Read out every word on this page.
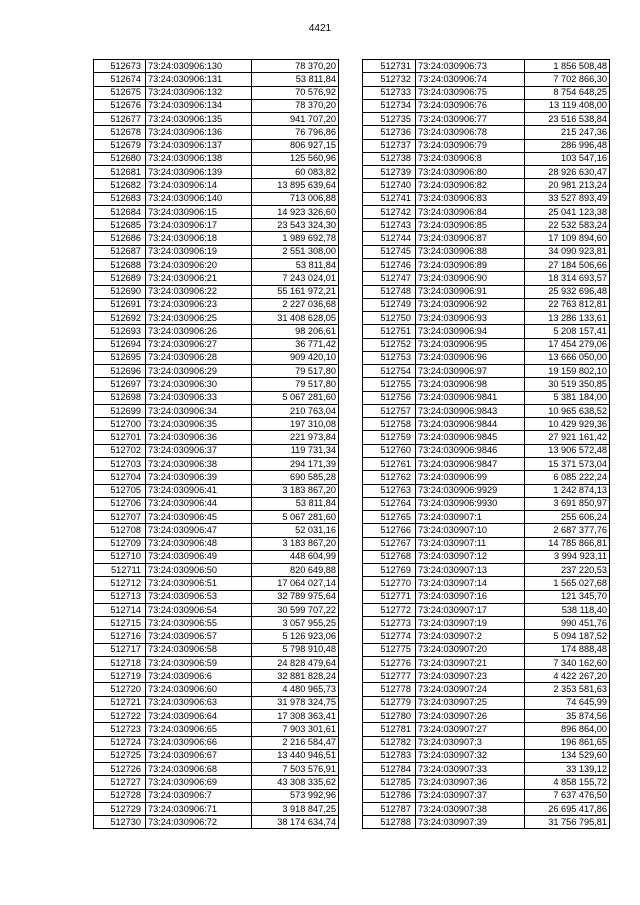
4421
512673	73:24:030906:130	78 370,20
512674	73:24:030906:131	53 811,84
512675	73:24:030906:132	70 576,92
512676	73:24:030906:134	78 370,20
512677	73:24:030906:135	941 707,20
512678	73:24:030906:136	76 796,86
512679	73:24:030906:137	806 927,15
512680	73:24:030906:138	125 560,96
512681	73:24:030906:139	60 083,82
512682	73:24:030906:14	13 895 639,64
512683	73:24:030906:140	713 006,88
512684	73:24:030906:15	14 923 326,60
512685	73:24:030906:17	23 543 324,30
512686	73:24:030906:18	1 989 692,78
512687	73:24:030906:19	2 551 308,00
512688	73:24:030906:20	53 811,84
512689	73:24:030906:21	7 243 024,01
512690	73:24:030906:22	55 161 972,21
512691	73:24:030906:23	2 227 036,68
512692	73:24:030906:25	31 408 628,05
512693	73:24:030906:26	98 206,61
512694	73:24:030906:27	36 771,42
512695	73:24:030906:28	909 420,10
512696	73:24:030906:29	79 517,80
512697	73:24:030906:30	79 517,80
512698	73:24:030906:33	5 067 281,60
512699	73:24:030906:34	210 763,04
512700	73:24:030906:35	197 310,08
512701	73:24:030906:36	221 973,84
512702	73:24:030906:37	119 731,34
512703	73:24:030906:38	294 171,39
512704	73:24:030906:39	690 585,28
512705	73:24:030906:41	3 183 867,20
512706	73:24:030906:44	53 811,84
512707	73:24:030906:45	5 067 281,60
512708	73:24:030906:47	52 031,16
512709	73:24:030906:48	3 183 867,20
512710	73:24:030906:49	448 604,99
512711	73:24:030906:50	820 649,88
512712	73:24:030906:51	17 064 027,14
512713	73:24:030906:53	32 789 975,64
512714	73:24:030906:54	30 599 707,22
512715	73:24:030906:55	3 057 955,25
512716	73:24:030906:57	5 126 923,06
512717	73:24:030906:58	5 798 910,48
512718	73:24:030906:59	24 828 479,64
512719	73:24:030906:6	32 881 828,24
512720	73:24:030906:60	4 480 965,73
512721	73:24:030906:63	31 978 324,75
512722	73:24:030906:64	17 308 363,41
512723	73:24:030906:65	7 903 301,61
512724	73:24:030906:66	2 216 584,47
512725	73:24:030906:67	13 440 946,51
512726	73:24:030906:68	7 503 576,91
512727	73:24:030906:69	43 308 335,62
512728	73:24:030906:7	573 992,96
512729	73:24:030906:71	3 918 847,25
512730	73:24:030906:72	38 174 634,74
512731	73:24:030906:73	1 856 508,48
512732	73:24:030906:74	7 702 866,30
512733	73:24:030906:75	8 754 648,25
512734	73:24:030906:76	13 119 408,00
512735	73:24:030906:77	23 516 538,84
512736	73:24:030906:78	215 247,36
512737	73:24:030906:79	286 996,48
512738	73:24:030906:8	103 547,16
512739	73:24:030906:80	28 926 630,47
512740	73:24:030906:82	20 981 213,24
512741	73:24:030906:83	33 527 893,49
512742	73:24:030906:84	25 041 123,38
512743	73:24:030906:85	22 532 583,24
512744	73:24:030906:87	17 109 894,60
512745	73:24:030906:88	34 090 923,81
512746	73:24:030906:89	27 184 506,66
512747	73:24:030906:90	18 314 693,57
512748	73:24:030906:91	25 932 696,48
512749	73:24:030906:92	22 763 812,81
512750	73:24:030906:93	13 286 133,61
512751	73:24:030906:94	5 208 157,41
512752	73:24:030906:95	17 454 279,06
512753	73:24:030906:96	13 666 050,00
512754	73:24:030906:97	19 159 802,10
512755	73:24:030906:98	30 519 350,85
512756	73:24:030906:9841	5 381 184,00
512757	73:24:030906:9843	10 965 638,52
512758	73:24:030906:9844	10 429 929,36
512759	73:24:030906:9845	27 921 161,42
512760	73:24:030906:9846	13 906 572,48
512761	73:24:030906:9847	15 371 573,04
512762	73:24:030906:99	6 085 222,24
512763	73:24:030906:9929	1 242 874,13
512764	73:24:030906:9930	3 691 850,97
512765	73:24:030907:1	255 606,24
512766	73:24:030907:10	2 687 377,76
512767	73:24:030907:11	14 785 866,81
512768	73:24:030907:12	3 994 923,11
512769	73:24:030907:13	237 220,53
512770	73:24:030907:14	1 565 027,68
512771	73:24:030907:16	121 345,70
512772	73:24:030907:17	538 118,40
512773	73:24:030907:19	990 451,76
512774	73:24:030907:2	5 094 187,52
512775	73:24:030907:20	174 888,48
512776	73:24:030907:21	7 340 162,60
512777	73:24:030907:23	4 422 267,20
512778	73:24:030907:24	2 353 581,63
512779	73:24:030907:25	74 645,99
512780	73:24:030907:26	35 874,56
512781	73:24:030907:27	896 864,00
512782	73:24:030907:3	196 861,65
512783	73:24:030907:32	134 529,60
512784	73:24:030907:33	33 139,12
512785	73:24:030907:36	4 858 155,72
512786	73:24:030907:37	7 637 476,50
512787	73:24:030907:38	26 695 417,86
512788	73:24:030907:39	31 756 795,81
